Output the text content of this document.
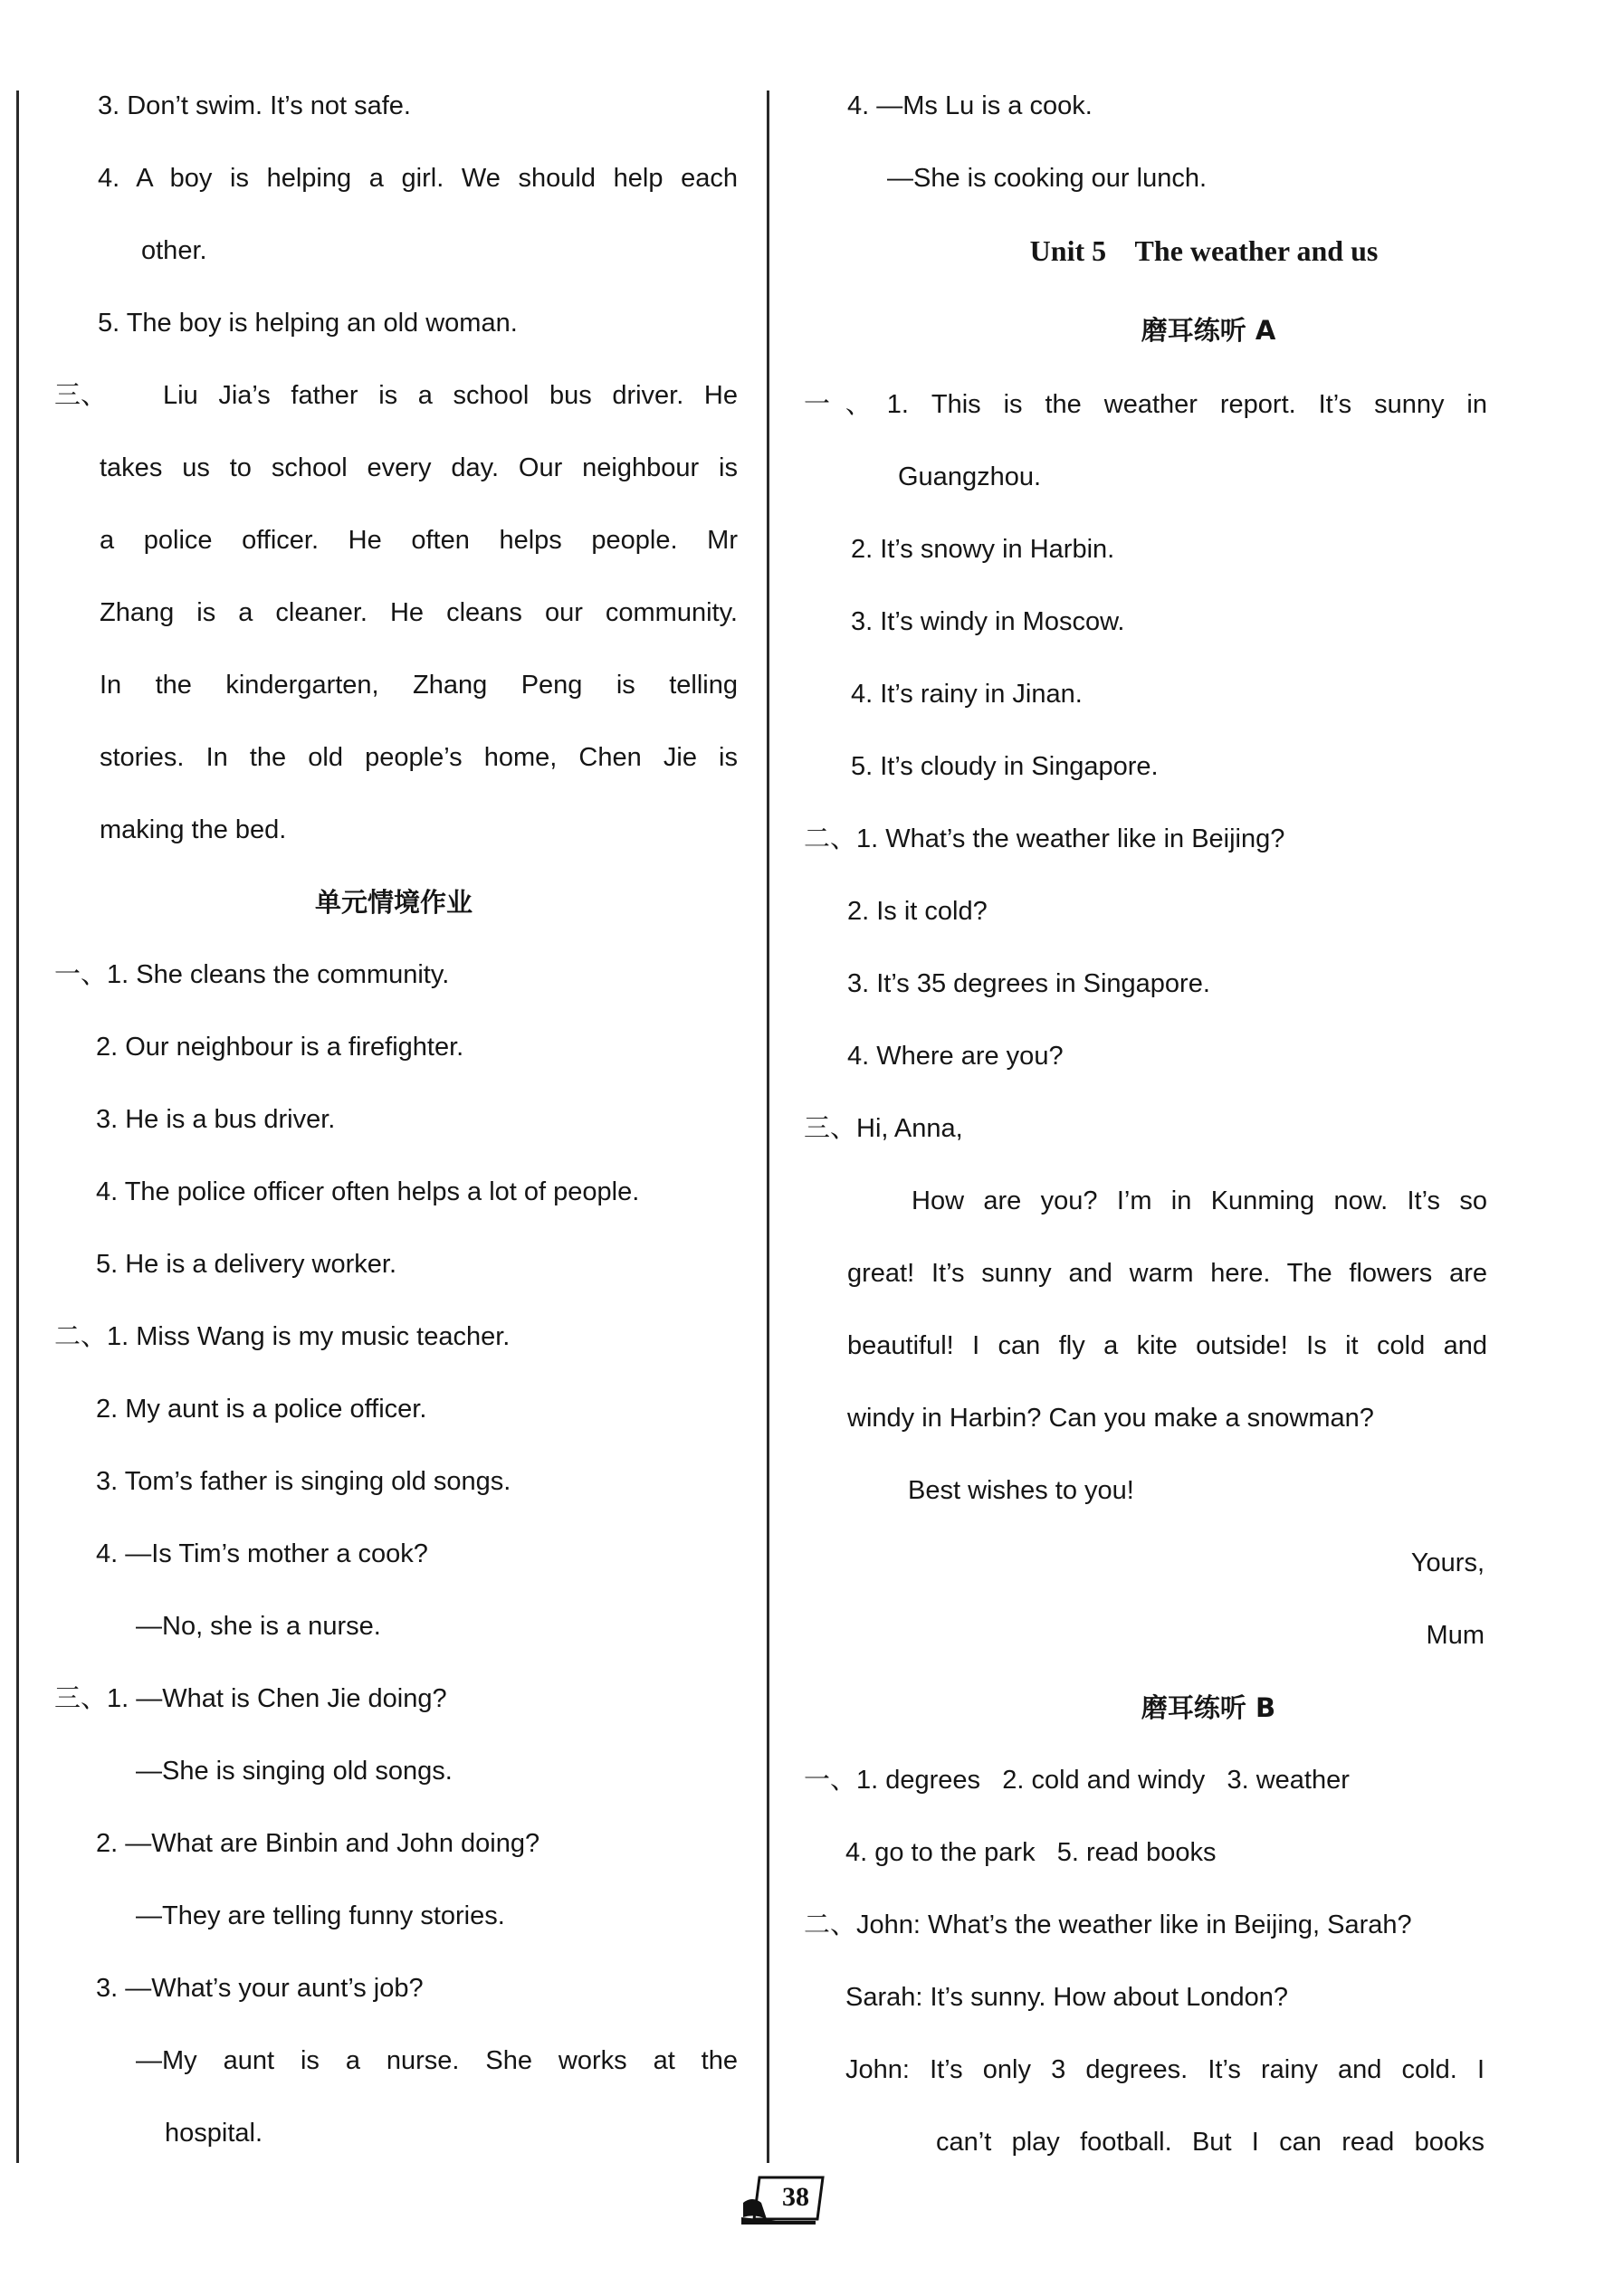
3. Don’t swim. It’s not safe.
4. A boy is helping a girl. We should help each
other.
5. The boy is helping an old woman.
三、 Liu Jia’s father is a school bus driver. He
takes us to school every day. Our neighbour is
a police officer. He often helps people. Mr
Zhang is a cleaner. He cleans our community.
In the kindergarten, Zhang Peng is telling
stories. In the old people’s home, Chen Jie is
making the bed.
单元情境作业
一、1. She cleans the community.
2. Our neighbour is a firefighter.
3. He is a bus driver.
4. The police officer often helps a lot of people.
5. He is a delivery worker.
二、1. Miss Wang is my music teacher.
2. My aunt is a police officer.
3. Tom’s father is singing old songs.
4. —Is Tim’s mother a cook?
—No, she is a nurse.
三、1. —What is Chen Jie doing?
—She is singing old songs.
2. —What are Binbin and John doing?
—They are telling funny stories.
3. —What’s your aunt’s job?
—My aunt is a nurse. She works at the
hospital.
4. —Ms Lu is a cook.
—She is cooking our lunch.
Unit 5    The weather and us
磨耳练听 A
一、1. This is the weather report. It’s sunny in
Guangzhou.
2. It’s snowy in Harbin.
3. It’s windy in Moscow.
4. It’s rainy in Jinan.
5. It’s cloudy in Singapore.
二、1. What’s the weather like in Beijing?
2. Is it cold?
3. It’s 35 degrees in Singapore.
4. Where are you?
三、Hi, Anna,
How are you? I’m in Kunming now. It’s so
great! It’s sunny and warm here. The flowers are
beautiful! I can fly a kite outside! Is it cold and
windy in Harbin? Can you make a snowman?
Best wishes to you!
Yours,
Mum
磨耳练听 B
一、1. degrees   2. cold and windy   3. weather
4. go to the park   5. read books
二、John: What’s the weather like in Beijing, Sarah?
Sarah: It’s sunny. How about London?
John: It’s only 3 degrees. It’s rainy and cold. I
can’t play football. But I can read books
38
